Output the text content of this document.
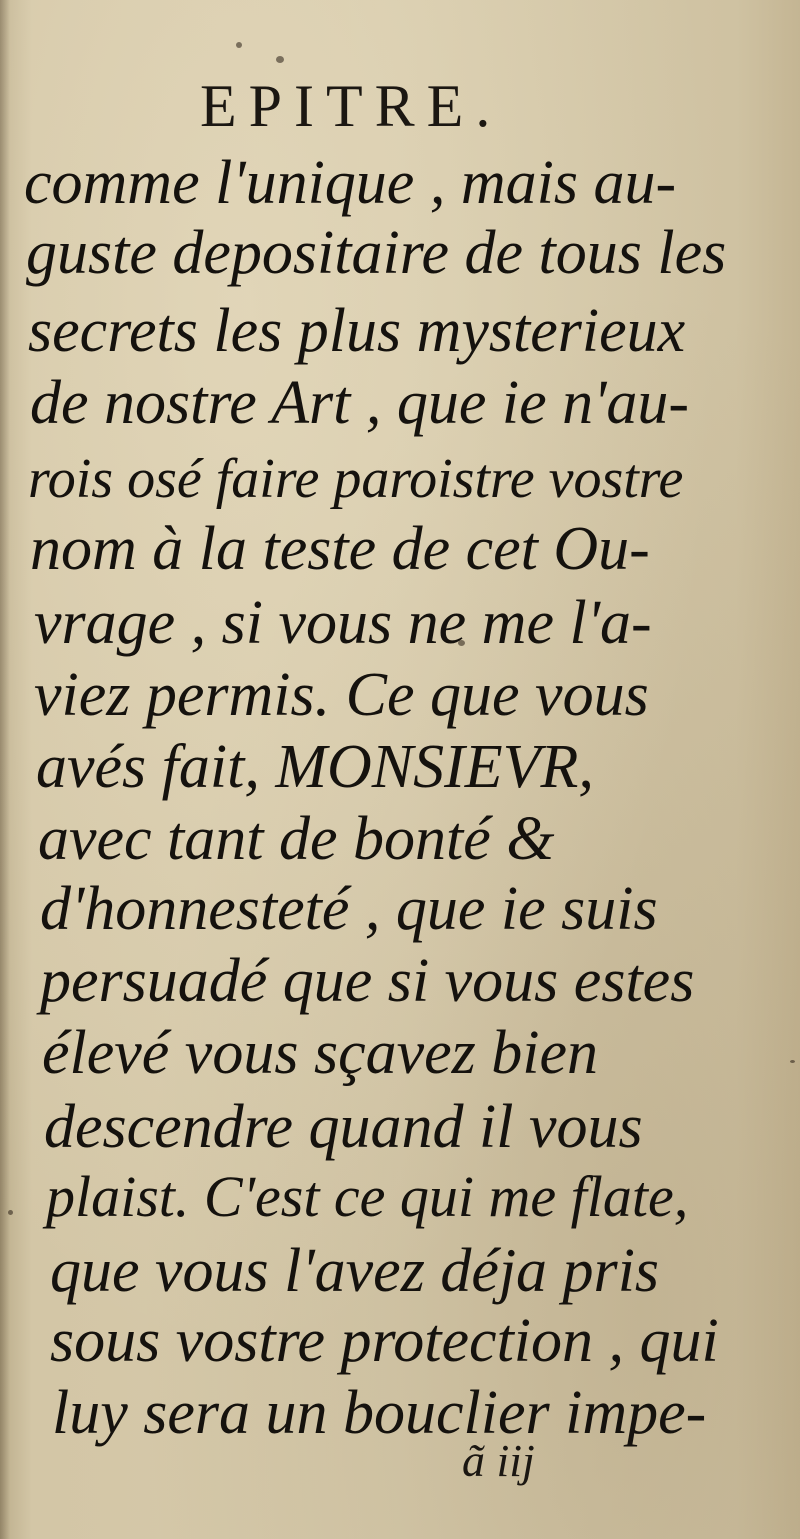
EPITRE.
comme l'unique , mais au-
guste depositaire de tous les
secrets les plus mysterieux
de nostre Art , que ie n'au-
rois osé faire paroistre vostre
nom à la teste de cet Ou-
vrage , si vous ne me l'a-
viez permis. Ce que vous
avés fait, MONSIEVR,
avec tant de bonté &
d'honnesteté , que ie suis
persuadé que si vous estes
élevé vous sçavez bien
descendre quand il vous
plaist. C'est ce qui me flate,
que vous l'avez déja pris
sous vostre protection , qui
luy sera un bouclier impe-
ã iij
